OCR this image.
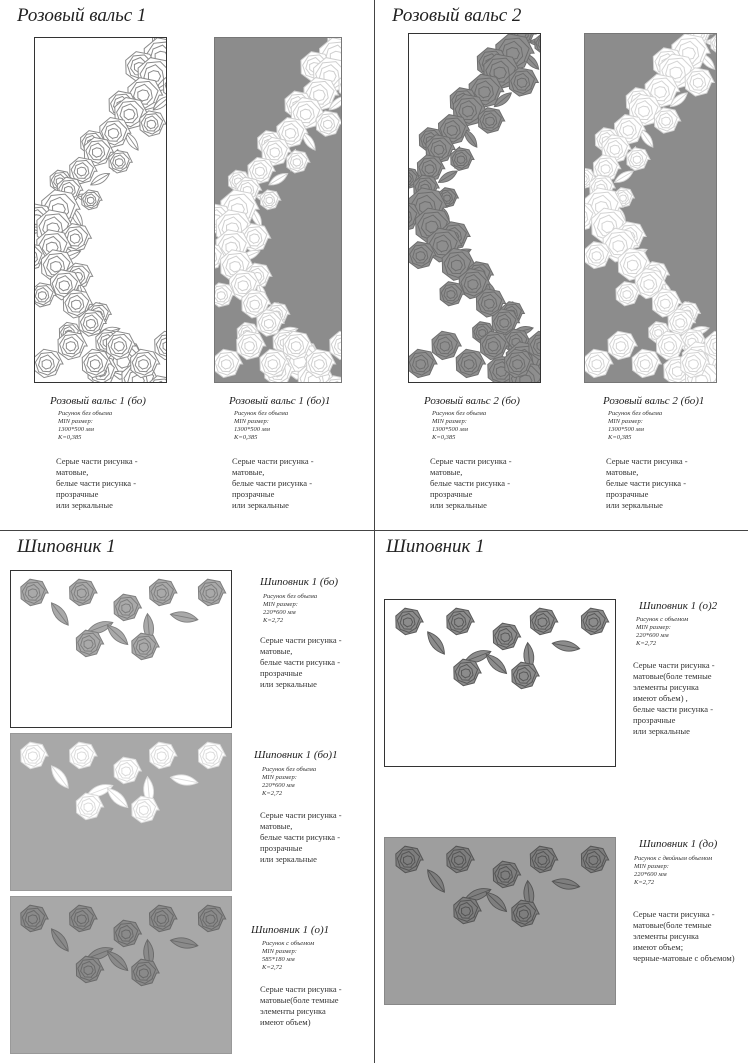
Розовый вальс 1	Розовый вальс 2
Шиповник 1	Шиповник 1
Розовый вальс 1 (бо)
Рисунок без объема
MIN размер:
1300*500 мм
K=0,385
Серые части рисунка -
матовые,
белые части рисунка -
прозрачные
или зеркальные
Розовый вальс 1 (бо)1
Рисунок без объема
MIN размер:
1300*500 мм
K=0,385
Серые части рисунка -
матовые,
белые части рисунка -
прозрачные
или зеркальные
Розовый вальс 2 (бо)
Рисунок без объема
MIN размер:
1300*500 мм
K=0,385
Серые части рисунка -
матовые,
белые части рисунка -
прозрачные
или зеркальные
Розовый вальс 2 (бо)1
Рисунок без объема
MIN размер:
1300*500 мм
K=0,385
Серые части рисунка -
матовые,
белые части рисунка -
прозрачные
или зеркальные
Шиповник 1 (бо)
Рисунок без объема
MIN размер:
220*600 мм
K=2,72
Серые части рисунка -
матовые,
белые части рисунка -
прозрачные
или зеркальные
Шиповник 1 (бо)1
Рисунок без объема
MIN размер:
220*600 мм
K=2,72
Серые части рисунка -
матовые,
белые части рисунка -
прозрачные
или зеркальные
Шиповник 1 (о)1
Рисунок с объемом
MIN размер:
585*180 мм
K=2,72
Серые части рисунка -
матовые(боле темные
элементы рисунка
имеют объем)
Шиповник 1 (о)2
Рисунок с объемом
MIN размер:
220*600 мм
K=2,72
Серые части рисунка -
матовые(боле темные
элементы рисунка
имеют объем) ,
белые части рисунка -
прозрачные
или зеркальные
Шиповник 1 (до)
Рисунок с двойным объемом
MIN размер:
220*600 мм
K=2,72
Серые части рисунка -
матовые(боле темные
элементы рисунка
имеют объем;
черные-матовые с объемом)
